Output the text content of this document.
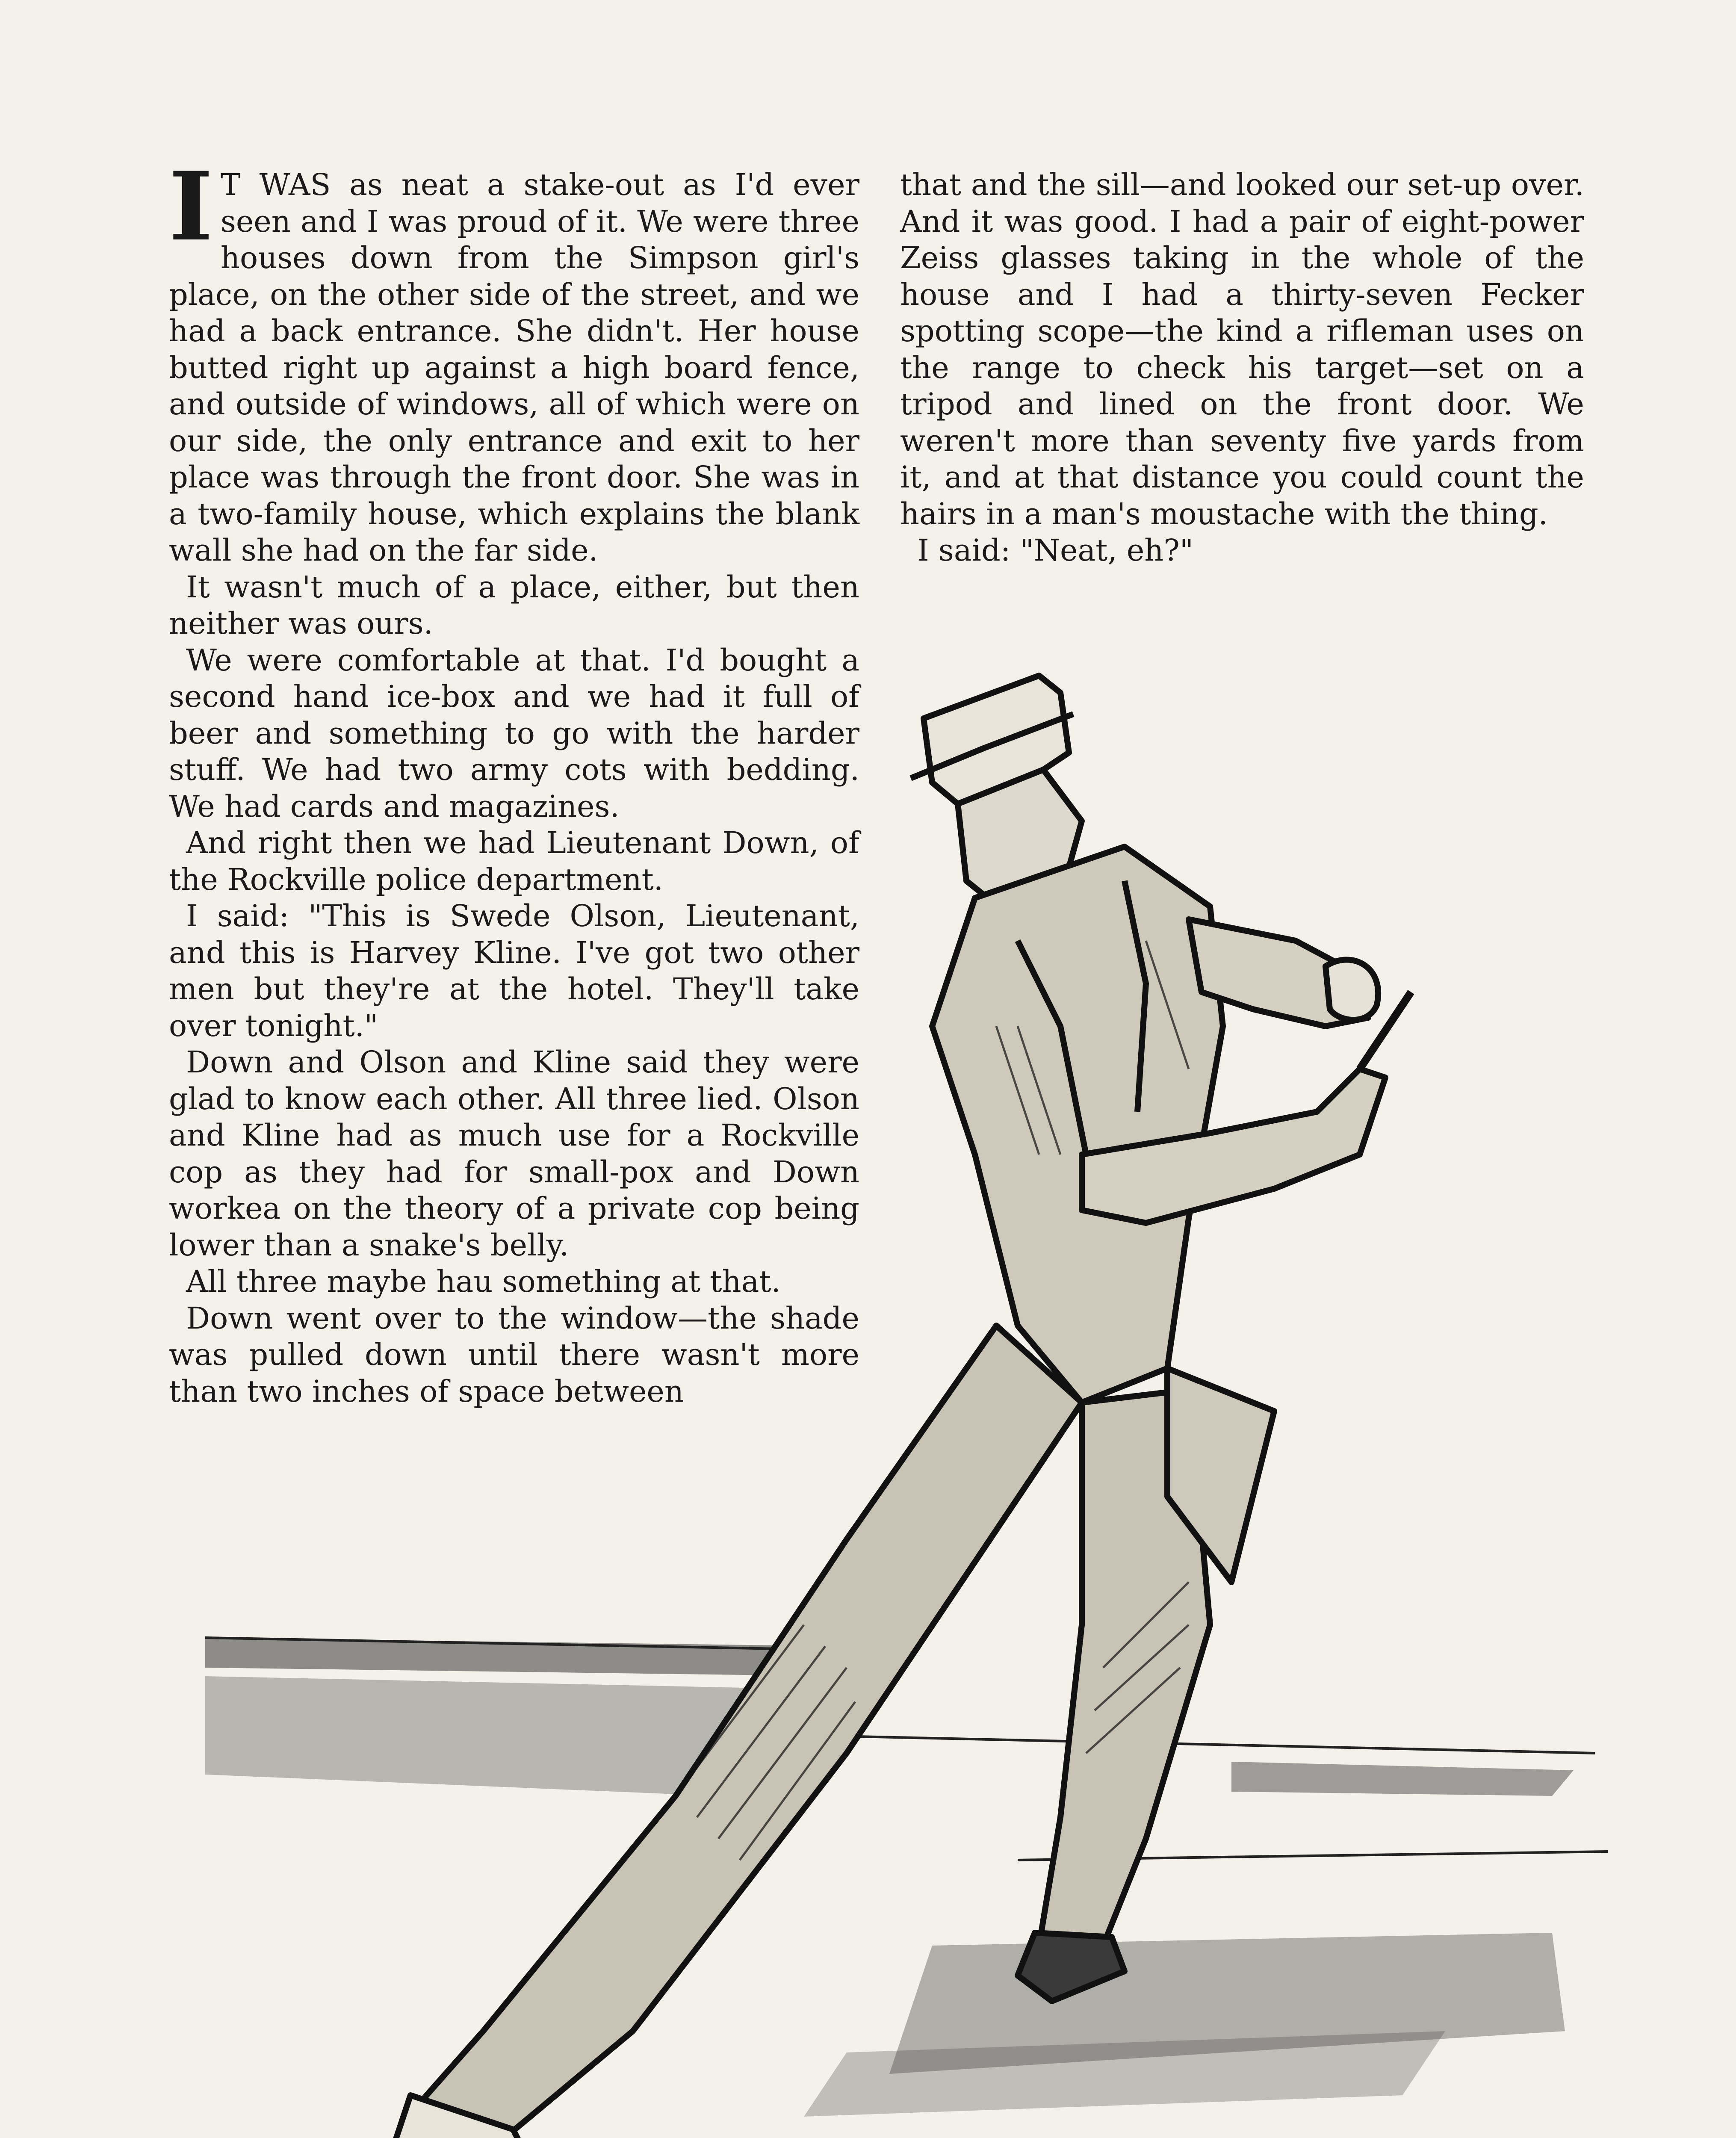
I T WAS as neat a stake-out as I'd ever seen and I was proud of it. We were three houses down from the Simpson girl's place, on the other side of the street, and we had a back entrance. She didn't. Her house butted right up against a high board fence, and outside of windows, all of which were on our side, the only entrance and exit to her place was through the front door. She was in a two-family house, which explains the blank wall she had on the far side.

It wasn't much of a place, either, but then neither was ours.

We were comfortable at that. I'd bought a second hand ice-box and we had it full of beer and something to go with the harder stuff. We had two army cots with bedding. We had cards and magazines.

And right then we had Lieutenant Down, of the Rockville police department.

I said: "This is Swede Olson, Lieutenant, and this is Harvey Kline. I've got two other men but they're at the hotel. They'll take over tonight."

Down and Olson and Kline said they were glad to know each other. All three lied. Olson and Kline had as much use for a Rockville cop as they had for small-pox and Down workea on the theory of a private cop being lower than a snake's belly.

All three maybe hau something at that.

Down went over to the window—the shade was pulled down until there wasn't more than two inches of space between

that and the sill—and looked our set-up over. And it was good. I had a pair of eight-power Zeiss glasses taking in the whole of the house and I had a thirty-seven Fecker spotting scope—the kind a rifleman uses on the range to check his target—set on a tripod and lined on the front door. We weren't more than seventy five yards from it, and at that distance you could count the hairs in a man's moustache with the thing.

I said: "Neat, eh?"
